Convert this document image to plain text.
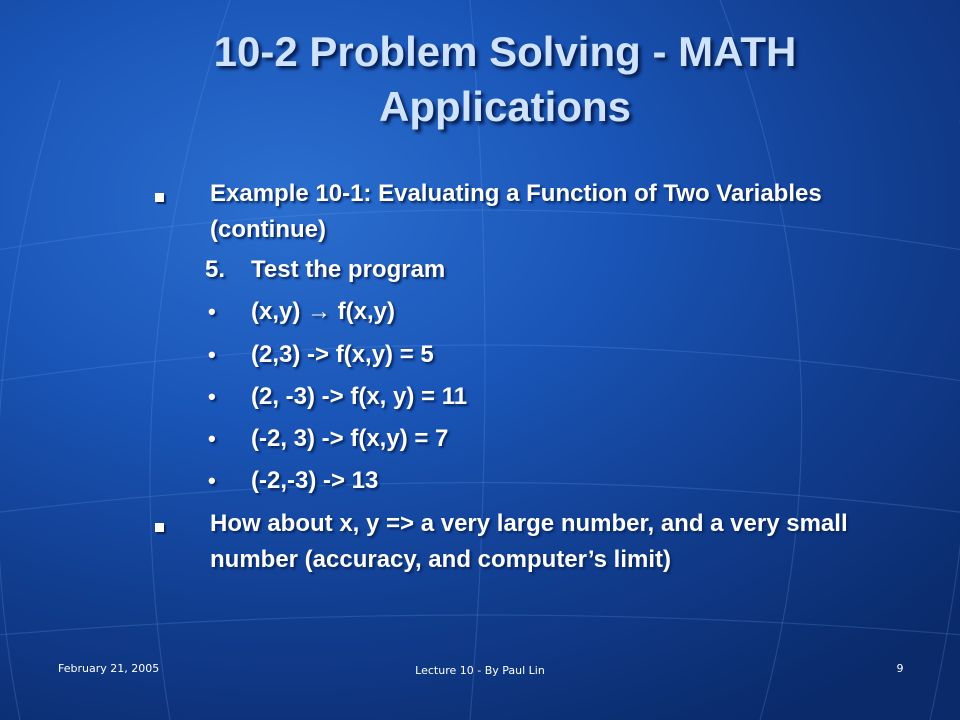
10-2 Problem Solving - MATH Applications
Example 10-1: Evaluating a Function of Two Variables (continue)
5. Test the program
• (x,y) → f(x,y)
• (2,3) -> f(x,y) = 5
• (2, -3) -> f(x, y) = 11
• (-2, 3) -> f(x,y) = 7
• (-2,-3) -> 13
How about x, y => a very large number, and a very small number (accuracy, and computer’s limit)
February 21, 2005	Lecture 10 - By Paul Lin	9
